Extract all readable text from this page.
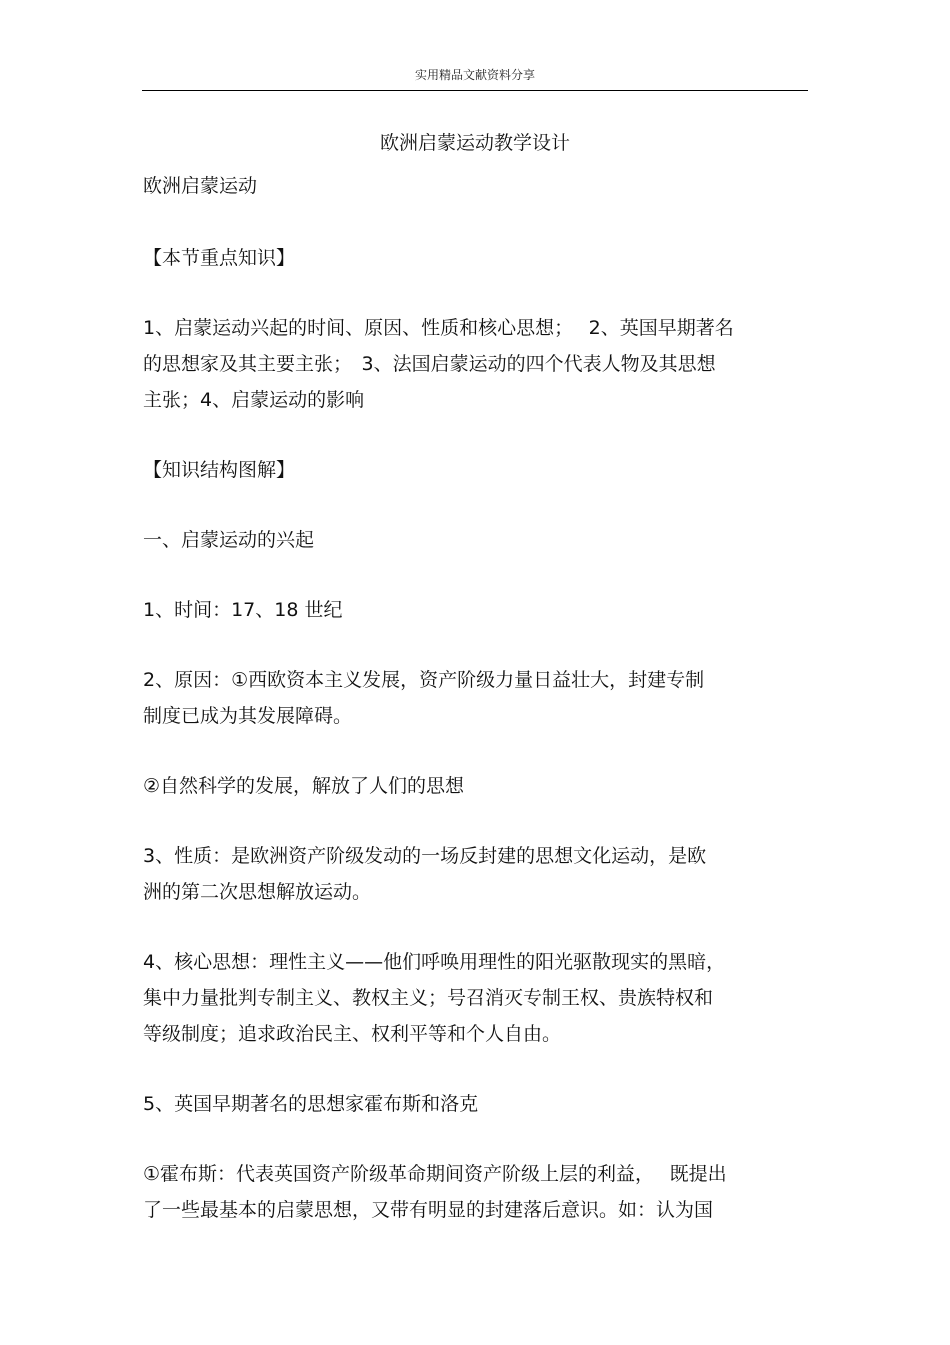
实用精品文献资料分享
欧洲启蒙运动教学设计
欧洲启蒙运动
【本节重点知识】
1、启蒙运动兴起的时间、原因、性质和核心思想；　 2、英国早期著名
的思想家及其主要主张；　3、法国启蒙运动的四个代表人物及其思想
主张；4、启蒙运动的影响
【知识结构图解】
一、启蒙运动的兴起
1、时间：17、18 世纪
2、原因：①西欧资本主义发展，资产阶级力量日益壮大，封建专制
制度已成为其发展障碍。
②自然科学的发展，解放了人们的思想
3、性质：是欧洲资产阶级发动的一场反封建的思想文化运动，是欧
洲的第二次思想解放运动。
4、核心思想：理性主义——他们呼唤用理性的阳光驱散现实的黑暗，
集中力量批判专制主义、教权主义；号召消灭专制王权、贵族特权和
等级制度；追求政治民主、权利平等和个人自由。
5、英国早期著名的思想家霍布斯和洛克
①霍布斯：代表英国资产阶级革命期间资产阶级上层的利益，　 既提出
了一些最基本的启蒙思想，又带有明显的封建落后意识。如：认为国
